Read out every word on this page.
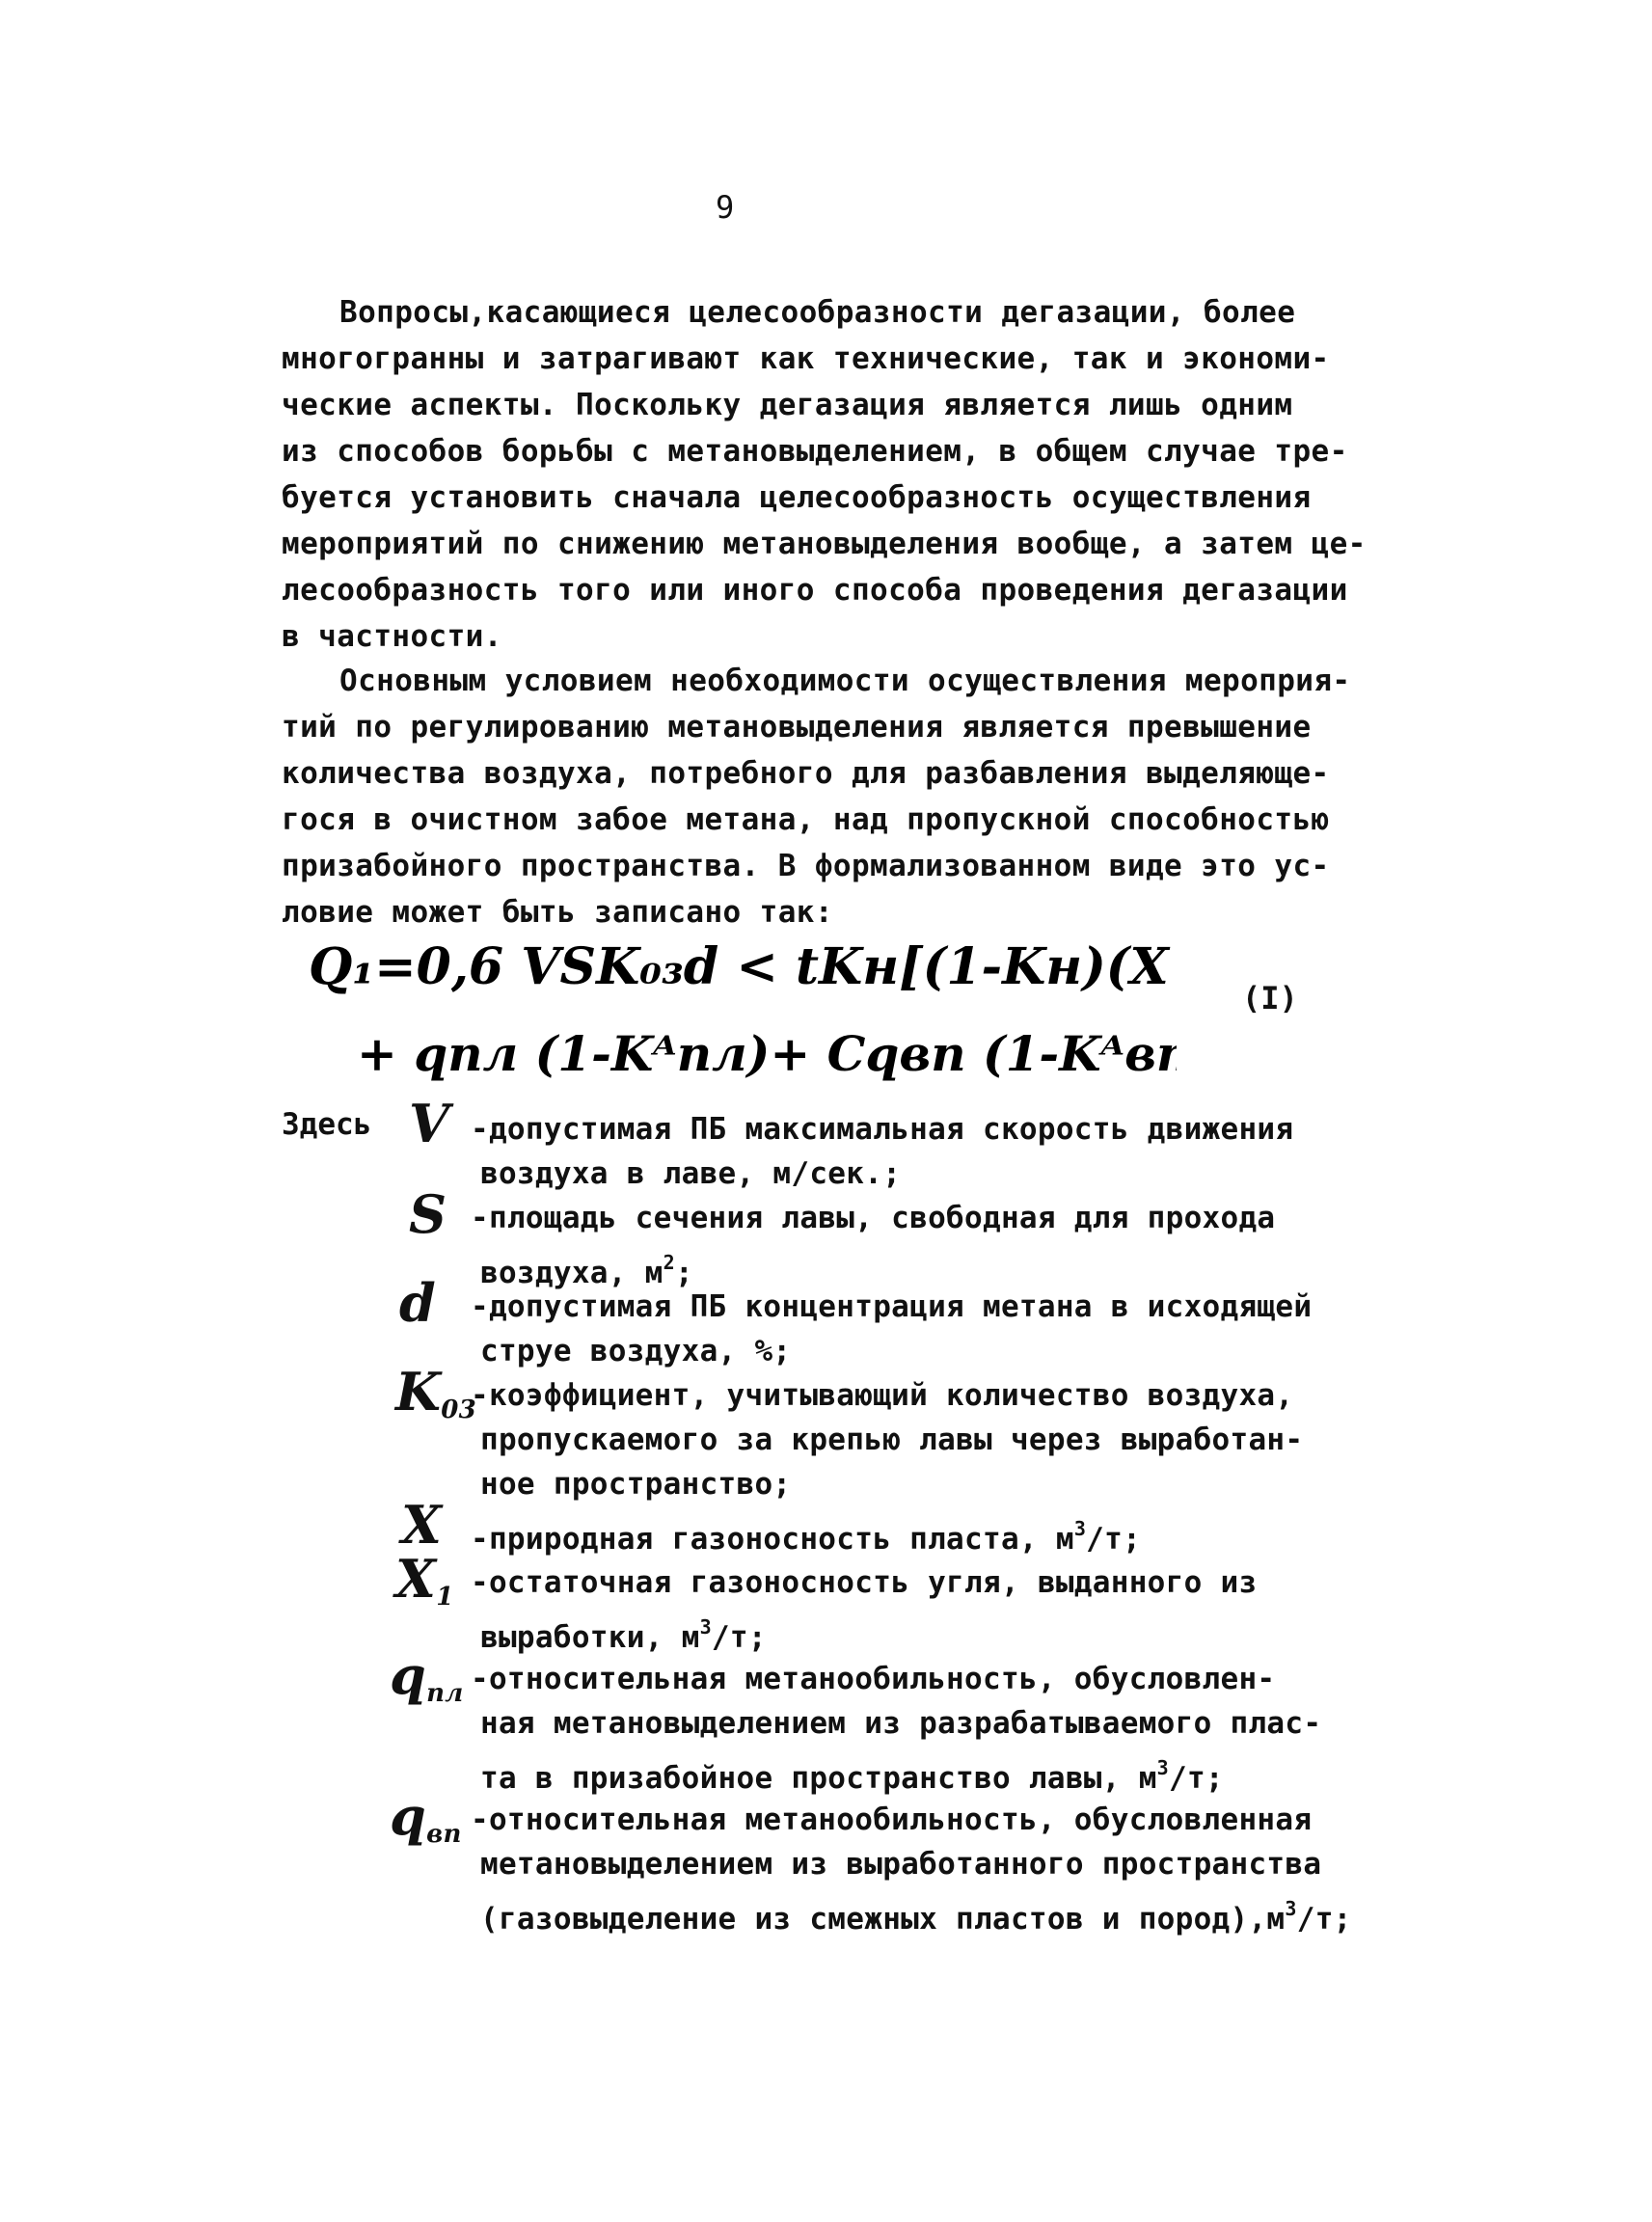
9
Вопросы,касающиеся целесообразности дегазации, более
многогранны и затрагивают как технические, так и экономи-
ческие аспекты. Поскольку дегазация является лишь одним
из способов борьбы с метановыделением, в общем случае тре-
буется установить сначала целесообразность осуществления
мероприятий по снижению метановыделения вообще, а затем це-
лесообразность того или иного способа проведения дегазации
в частности.
Основным условием необходимости осуществления мероприя-
тий по регулированию метановыделения является превышение
количества воздуха, потребного для разбавления выделяюще-
гося в очистном забое метана, над пропускной способностью
призабойного пространства. В формализованном виде это ус-
ловие может быть записано так:
Q₁=0,6 VSK₀₃d < tKн[(1-Kн)(X
+ qпл (1-Kᴬпл)+ Cqвп (1-Kᴬв
(I)
Здесь V -допустимая ПБ максимальная скорость движения
воздуха в лаве, м/сек.;
S -площадь сечения лавы, свободная для прохода
воздуха, $м^2$;
d -допустимая ПБ концентрация метана в исходящей
струе воздуха, %;
$K_{03}$
-коэффициент, учитывающий количество воздуха,
пропускаемого за крепью лавы через выработан-
ное пространство;
X -природная газоносность пласта, $м^3/т$;
$X_1$ -остаточная газоносность угля, выданного из
выработки, $м^3/т$;
$q_{пл}$ -относительная метанообильность, обусловлен-
ная метановыделением из разрабатываемого плас-
та в призабойное пространство лавы, $м^3/т$;
$q_{вп}$ -относительная метанообильность, обусловленная
метановыделением из выработанного пространства
(газовыделение из смежных пластов и $пород),м^3/т$;
